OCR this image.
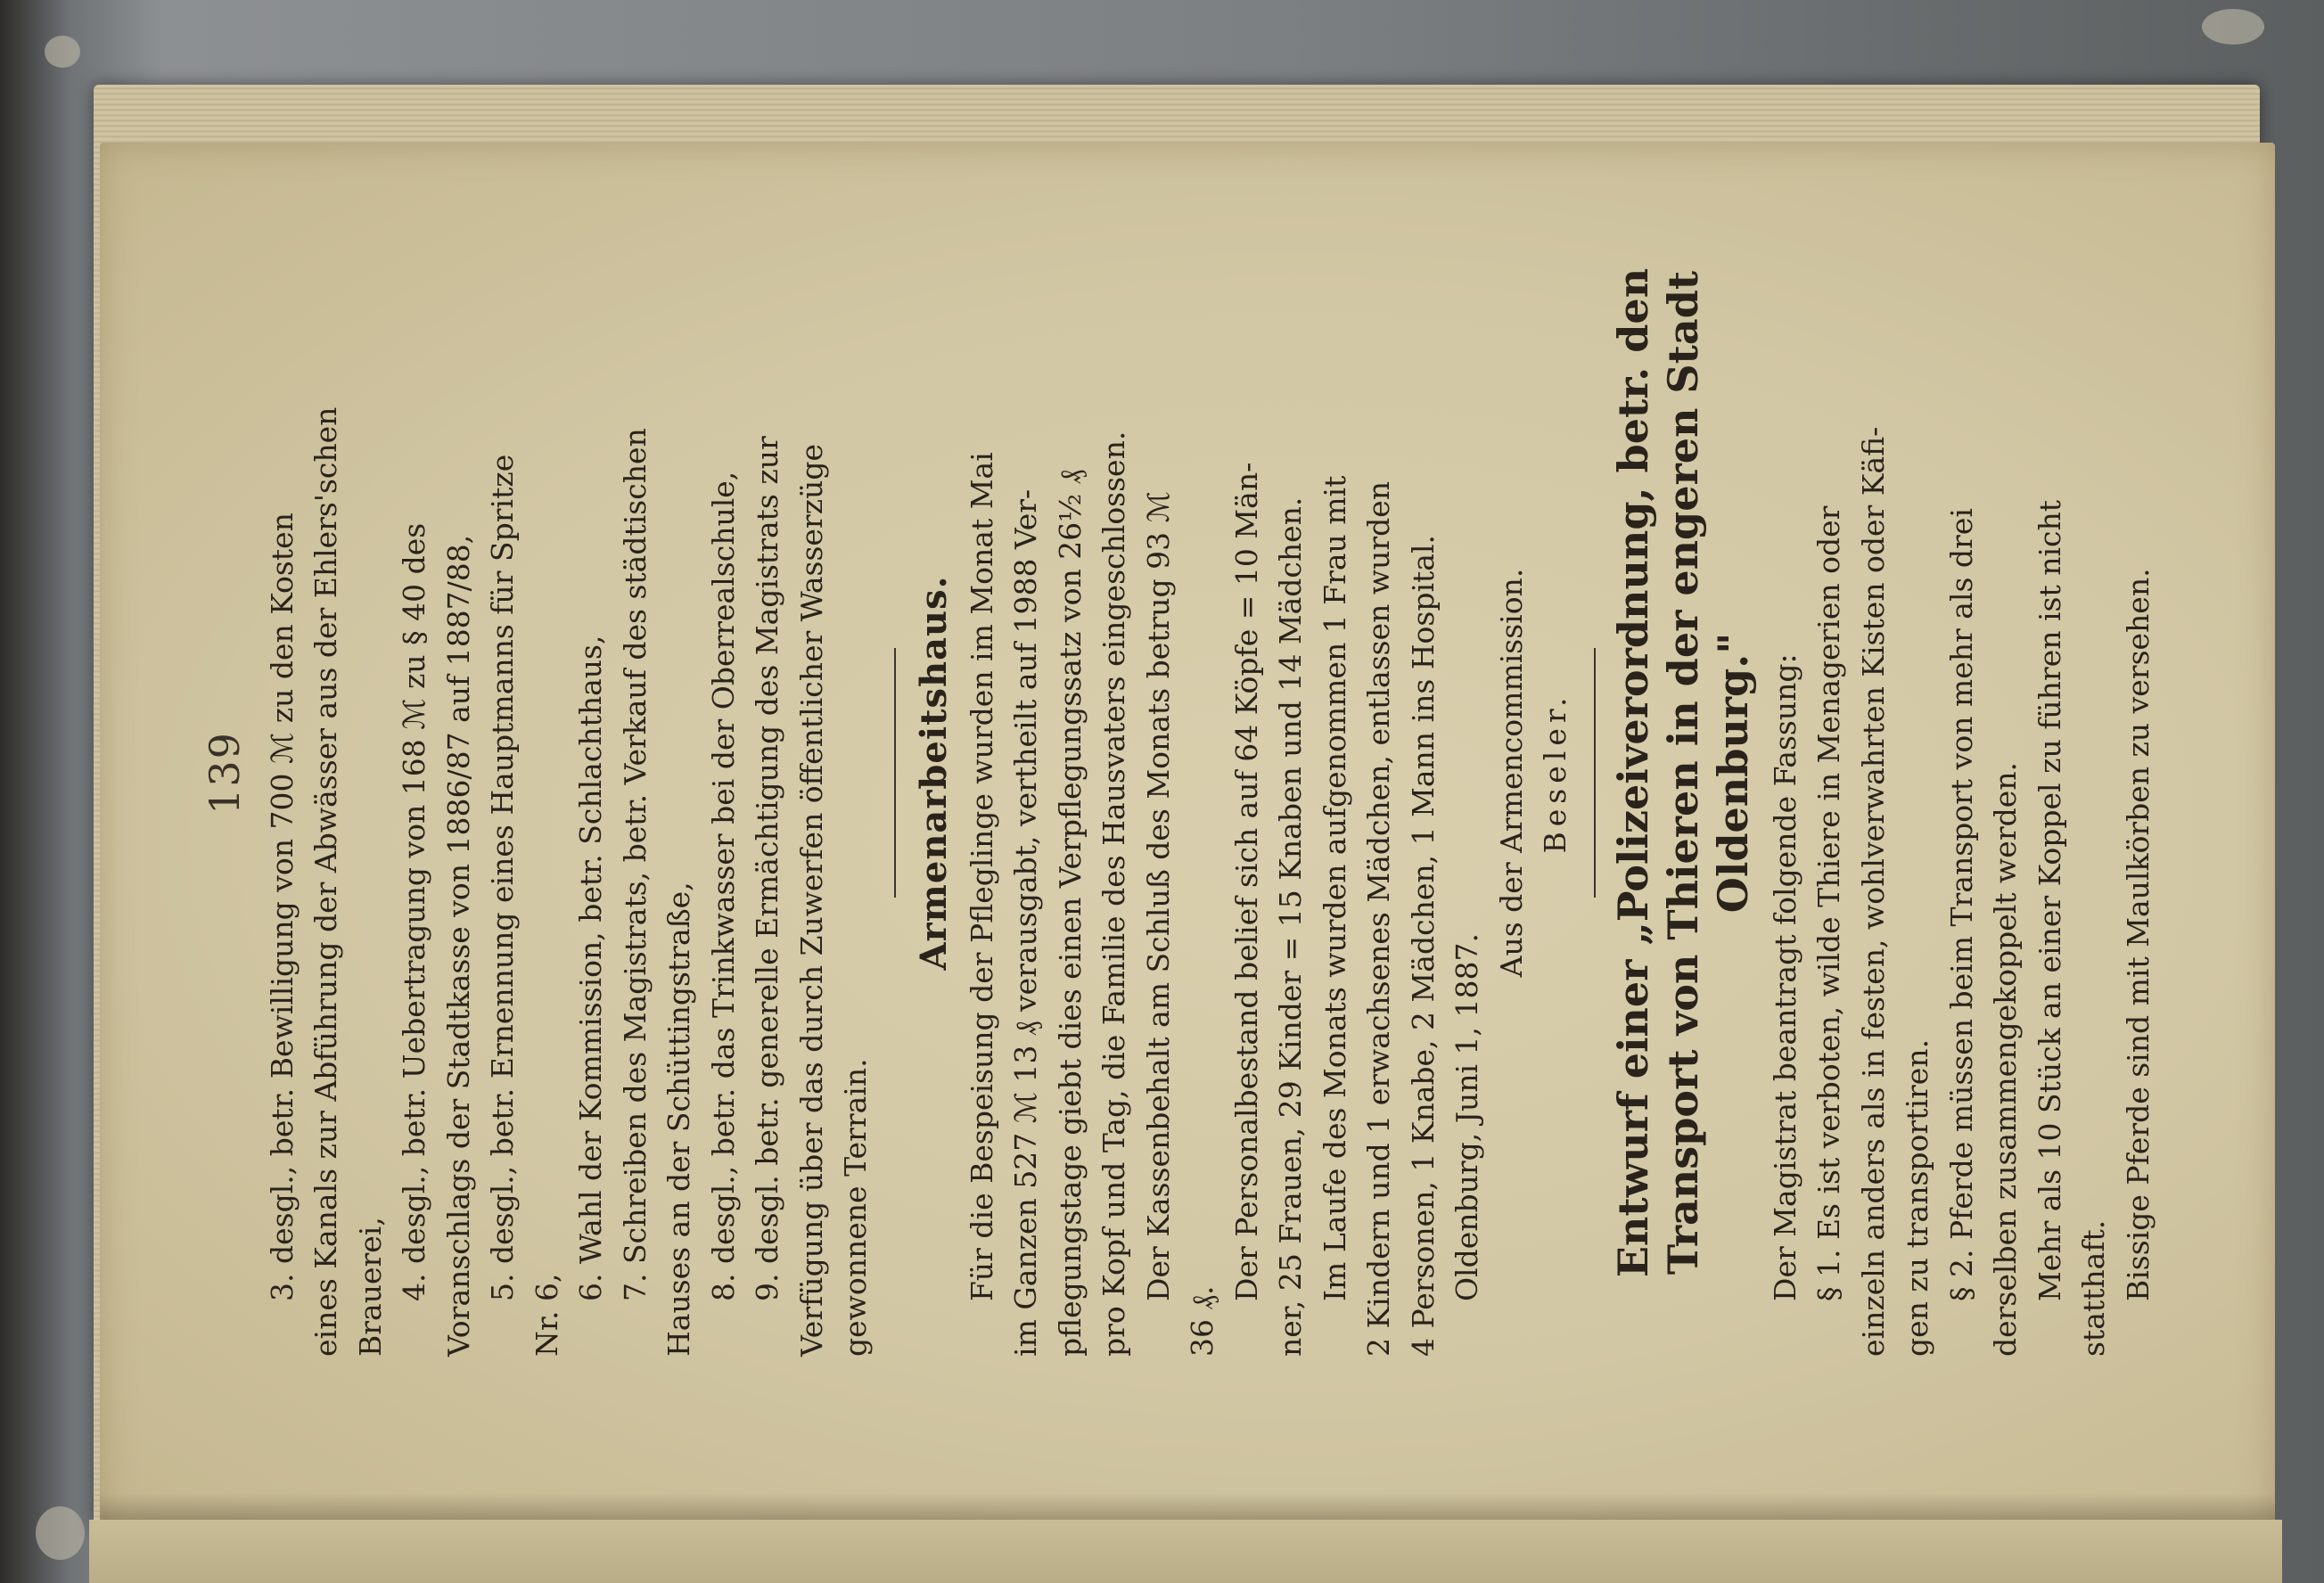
139 3. desgl., betr. Bewilligung von 700 ℳ zu den Kosten eines Kanals zur Abführung der Abwässer aus der Ehlers'schen Brauerei, 4. desgl., betr. Uebertragung von 168 ℳ zu § 40 des Voranschlags der Stadtkasse von 1886/87 auf 1887/88, 5. desgl., betr. Ernennung eines Hauptmanns für Spritze
Nr. 6,
6. Wahl der Kommission, betr. Schlachthaus, 7. Schreiben des Magistrats, betr. Verkauf des städtischen Hauses an der Schüttingstraße, 8. desgl., betr. das Trinkwasser bei der Oberrealschule, 9. desgl. betr. generelle Ermächtigung des Magistrats zur Verfügung über das durch Zuwerfen öffentlicher Wasserzüge gewonnene Terrain.
Armenarbeitshaus. Für die Bespeisung der Pfleglinge wurden im Monat Mai im Ganzen 527 ℳ 13 ₰ verausgabt, vertheilt auf 1988 Ver- pflegungstage giebt dies einen Verpflegungssatz von 26½ ₰ pro Kopf und Tag, die Familie des Hausvaters eingeschlossen. Der Kassenbehalt am Schluß des Monats betrug 93 ℳ
36 ₰.
Der Personalbestand belief sich auf 64 Köpfe = 10 Män- ner, 25 Frauen, 29 Kinder = 15 Knaben und 14 Mädchen. Im Laufe des Monats wurden aufgenommen 1 Frau mit 2 Kindern und 1 erwachsenes Mädchen, entlassen wurden 4 Personen, 1 Knabe, 2 Mädchen, 1 Mann ins Hospital. Oldenburg, Juni 1, 1887.
Aus der Armencommission. Beseler. Entwurf einer „Polizeiverordnung, betr. den Transport von Thieren in der engeren Stadt Oldenburg." Der Magistrat beantragt folgende Fassung: § 1. Es ist verboten, wilde Thiere in Menagerien oder einzeln anders als in festen, wohlverwahrten Kisten oder Käfi- gen zu transportiren. § 2. Pferde müssen beim Transport von mehr als drei derselben zusammengekoppelt werden. Mehr als 10 Stück an einer Koppel zu führen ist nicht statthaft. Bissige Pferde sind mit Maulkörben zu versehen.
